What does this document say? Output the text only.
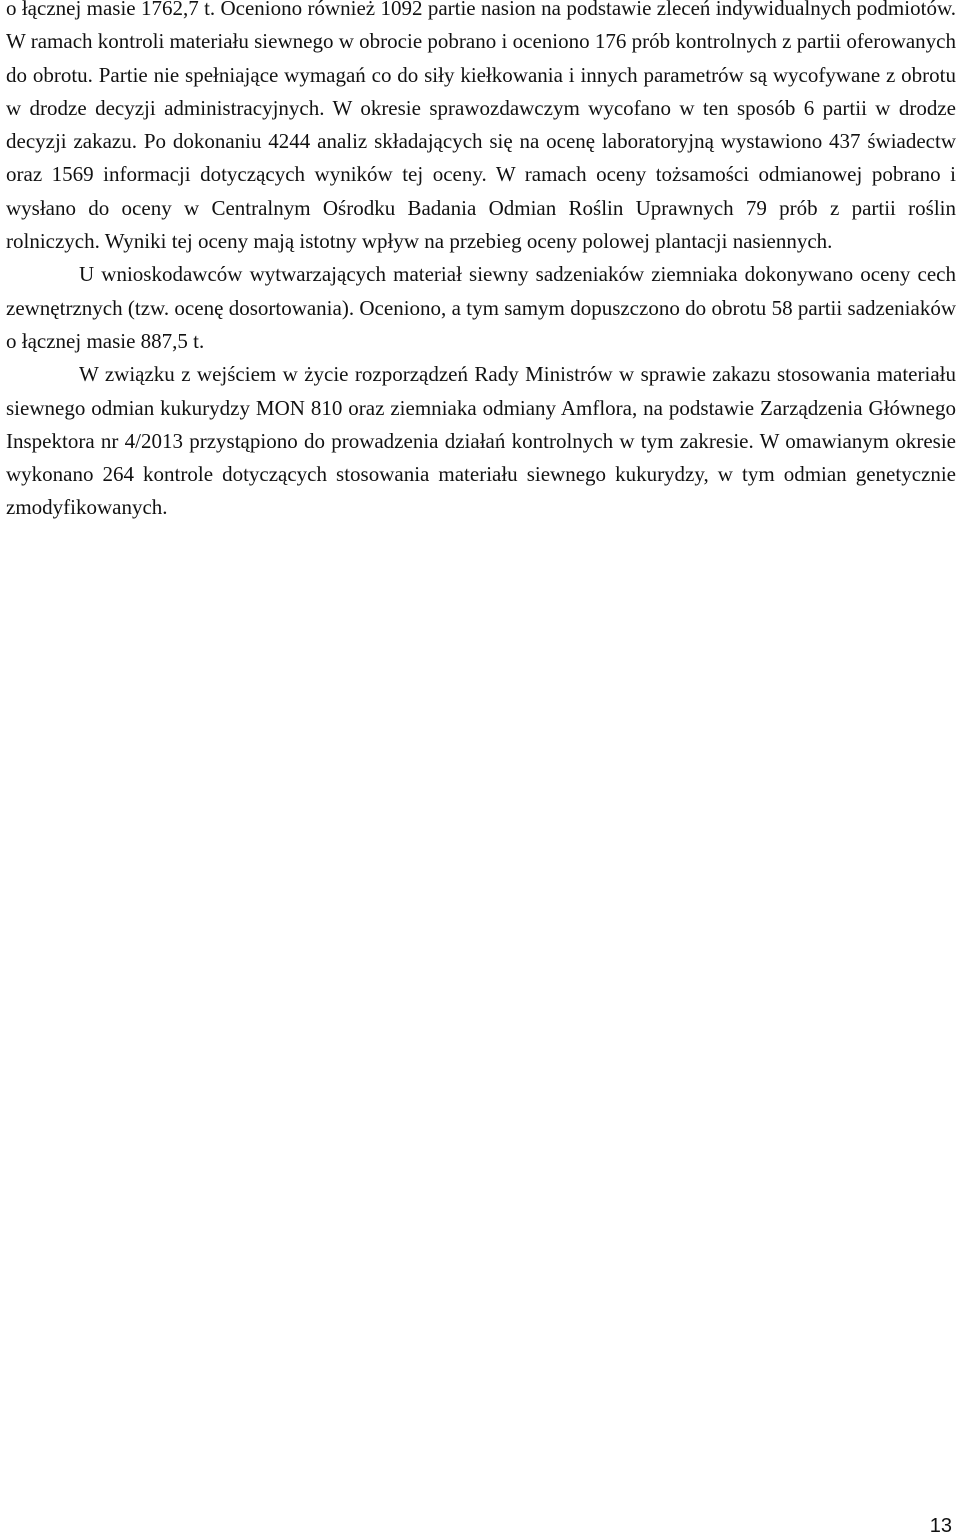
o łącznej masie 1762,7 t. Oceniono również 1092 partie nasion na podstawie zleceń indywidualnych podmiotów. W ramach kontroli materiału siewnego w obrocie pobrano i oceniono 176 prób kontrolnych z partii oferowanych do obrotu. Partie nie spełniające wymagań co do siły kiełkowania i innych parametrów są wycofywane z obrotu w drodze decyzji administracyjnych. W okresie sprawozdawczym wycofano w ten sposób 6 partii w drodze decyzji zakazu. Po dokonaniu 4244 analiz składających się na ocenę laboratoryjną wystawiono 437 świadectw oraz 1569 informacji dotyczących wyników tej oceny. W ramach oceny tożsamości odmianowej pobrano i wysłano do oceny w Centralnym Ośrodku Badania Odmian Roślin Uprawnych 79 prób z partii roślin rolniczych. Wyniki tej oceny mają istotny wpływ na przebieg oceny polowej plantacji nasiennych.

U wnioskodawców wytwarzających materiał siewny sadzeniaków ziemniaka dokonywano oceny cech zewnętrznych (tzw. ocenę dosortowania). Oceniono, a tym samym dopuszczono do obrotu 58 partii sadzeniaków o łącznej masie 887,5 t.

W związku z wejściem w życie rozporządzeń Rady Ministrów w sprawie zakazu stosowania materiału siewnego odmian kukurydzy MON 810 oraz ziemniaka odmiany Amflora, na podstawie Zarządzenia Głównego Inspektora nr 4/2013 przystąpiono do prowadzenia działań kontrolnych w tym zakresie. W omawianym okresie wykonano 264 kontrole dotyczących stosowania materiału siewnego kukurydzy, w tym odmian genetycznie zmodyfikowanych.

13
